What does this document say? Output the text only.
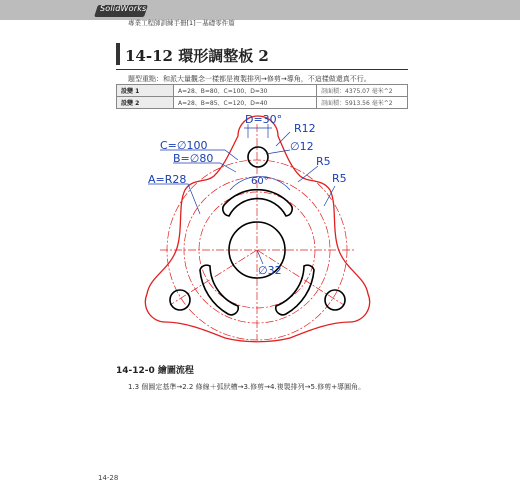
SolidWorks
專業工程師訓練手冊[1]－基礎零件篇
14-12 環形調整板 2
題型重點：和派大量觀念一樣都是複製排列→修剪→導角，不這樣做還真不行。
設變 1	A=28、B=80、C=100、D=30	剖面積：4375.07 毫米^2
設變 2	A=28、B=85、C=120、D=40	剖面積：5913.56 毫米^2
D=30°
R12
C=∅100	∅12
B=∅80	R5
A=R28	R5
60°
∅32
14-12-0 繪圖流程
1.3 個圓定基準→2.2 條線＋弧狀槽→3.修剪→4.複製排列→5.修剪+導圓角。
14-28
